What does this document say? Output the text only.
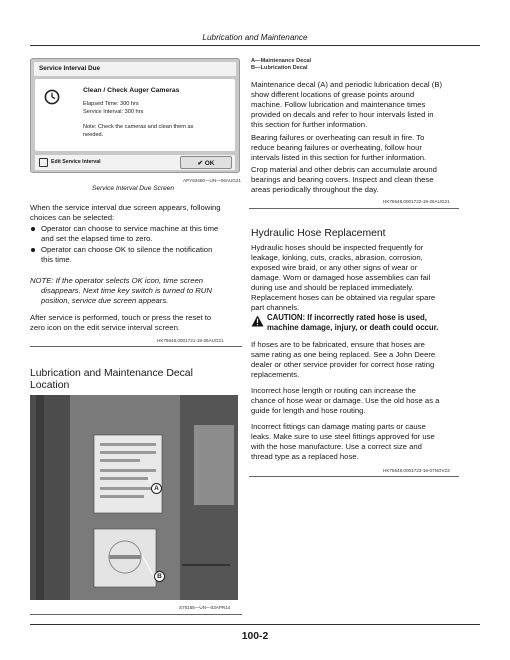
Lubrication and Maintenance
Service Interval Due
Clean / Check Auger Cameras
Elapsed Time: 300 hrs
Service Interval: 300 hrs
Note: Check the cameras and clean them as
needed.
Edit Service Interval	✔ OK
APY63480—UN—06AUG21
Service Interval Due Screen
When the service interval due screen appears, following
choices can be selected:
Operator can choose to service machine at this time
and set the elapsed time to zero.
Operator can choose OK to silence the notification
this time.
NOTE: If the operator selects OK icon, time screen
disappears. Next time key switch is turned to RUN
position, service due screen appears.
After service is performed, touch or press the reset to
zero icon on the edit service interval screen.
HK75648,0001721-19-26AUG21
Lubrication and Maintenance Decal
Location
A
B
S75155—UN—03APR14
A—Maintenance Decal
B—Lubrication Decal
Maintenance decal (A) and periodic lubrication decal (B)
show different locations of grease points around
machine. Follow lubrication and maintenance times
provided on decals and refer to hour intervals listed in
this section for further information.
Bearing failures or overheating can result in fire. To
reduce bearing failures or overheating, follow hour
intervals listed in this section for further information.
Crop material and other debris can accumulate around
bearings and bearing covers. Inspect and clean these
areas periodically throughout the day.
HK75648,0001722-19-26AUG21
Hydraulic Hose Replacement
Hydraulic hoses should be inspected frequently for
leakage, kinking, cuts, cracks, abrasion, corrosion,
exposed wire braid, or any other signs of wear or
damage. Worn or damaged hose assemblies can fail
during use and should be replaced immediately.
Replacement hoses can be obtained via regular spare
part channels.
CAUTION: If incorrectly rated hose is used,
machine damage, injury, or death could occur.
If hoses are to be fabricated, ensure that hoses are
same rating as one being replaced. See a John Deere
dealer or other service provider for correct hose rating
replacements.
Incorrect hose length or routing can increase the
chance of hose wear or damage. Use the old hose as a
guide for length and hose routing.
Incorrect fittings can damage mating parts or cause
leaks. Make sure to use steel fittings approved for use
with the hose manufacture. Use a correct size and
thread type as a replaced hose.
HK75648,0001723-19-07NOV23
100-2
